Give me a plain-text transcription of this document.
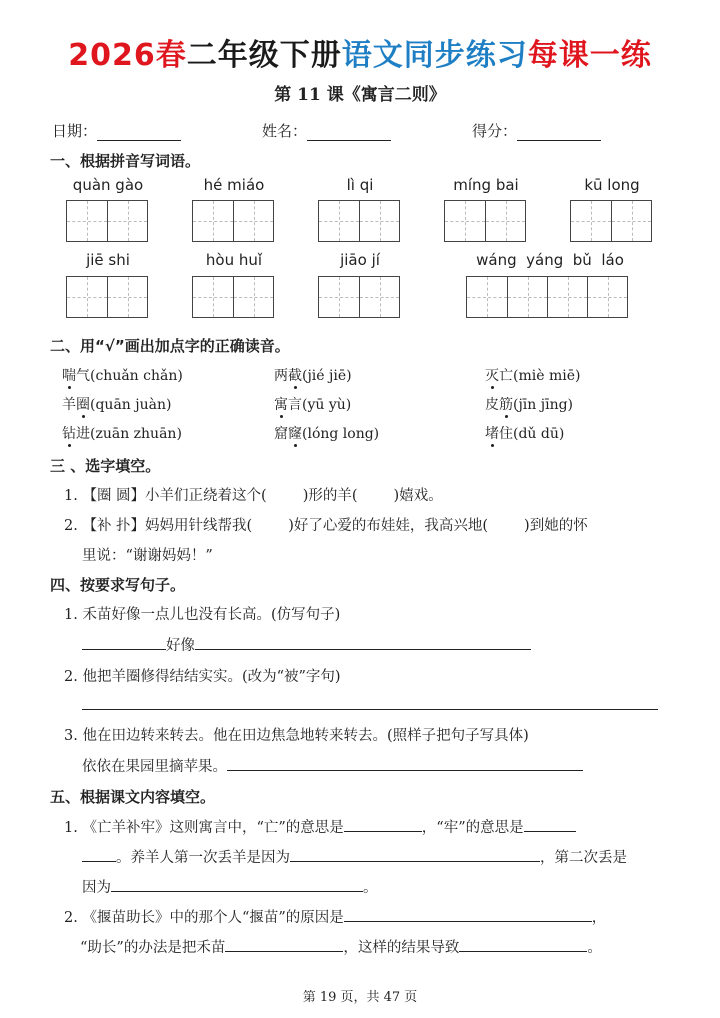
2026春二年级下册语文同步练习每课一练
第 11 课《寓言二则》
日期：	姓名：	得分：
一、根据拼音写词语。
quàn gào	hé miáo	lì qi	míng bai	kū long
jiē shi	hòu huǐ	jiāo jí	wáng  yáng  bǔ  láo
二、用“√”画出加点字的正确读音。
喘气(chuǎn chǎn)	两截(jié jiē)	灭亡(miè miē)
羊圈(quān juàn)	寓言(yū yù)	皮筋(jīn jīng)
钻进(zuān zhuān)	窟窿(lóng long)	堵住(dǔ dū)
三 、选字填空。
1. 【圈 圆】小羊们正绕着这个( )形的羊( )嬉戏。
2. 【补 扑】妈妈用针线帮我( )好了心爱的布娃娃，我高兴地( )到她的怀
里说：“谢谢妈妈！”
四、按要求写句子。
1. 禾苗好像一点儿也没有长高。(仿写句子)
好像
2. 他把羊圈修得结结实实。(改为“被”字句)
3. 他在田边转来转去。他在田边焦急地转来转去。(照样子把句子写具体)
依依在果园里摘苹果。
五、根据课文内容填空。
1. 《亡羊补牢》这则寓言中，“亡”的意思是	，“牢”的意思是
。养羊人第一次丢羊是因为	，第二次丢是
因为	。
2. 《揠苗助长》中的那个人“揠苗”的原因是	，
“助长”的办法是把禾苗	，这样的结果导致	。
第 19 页，共 47 页
